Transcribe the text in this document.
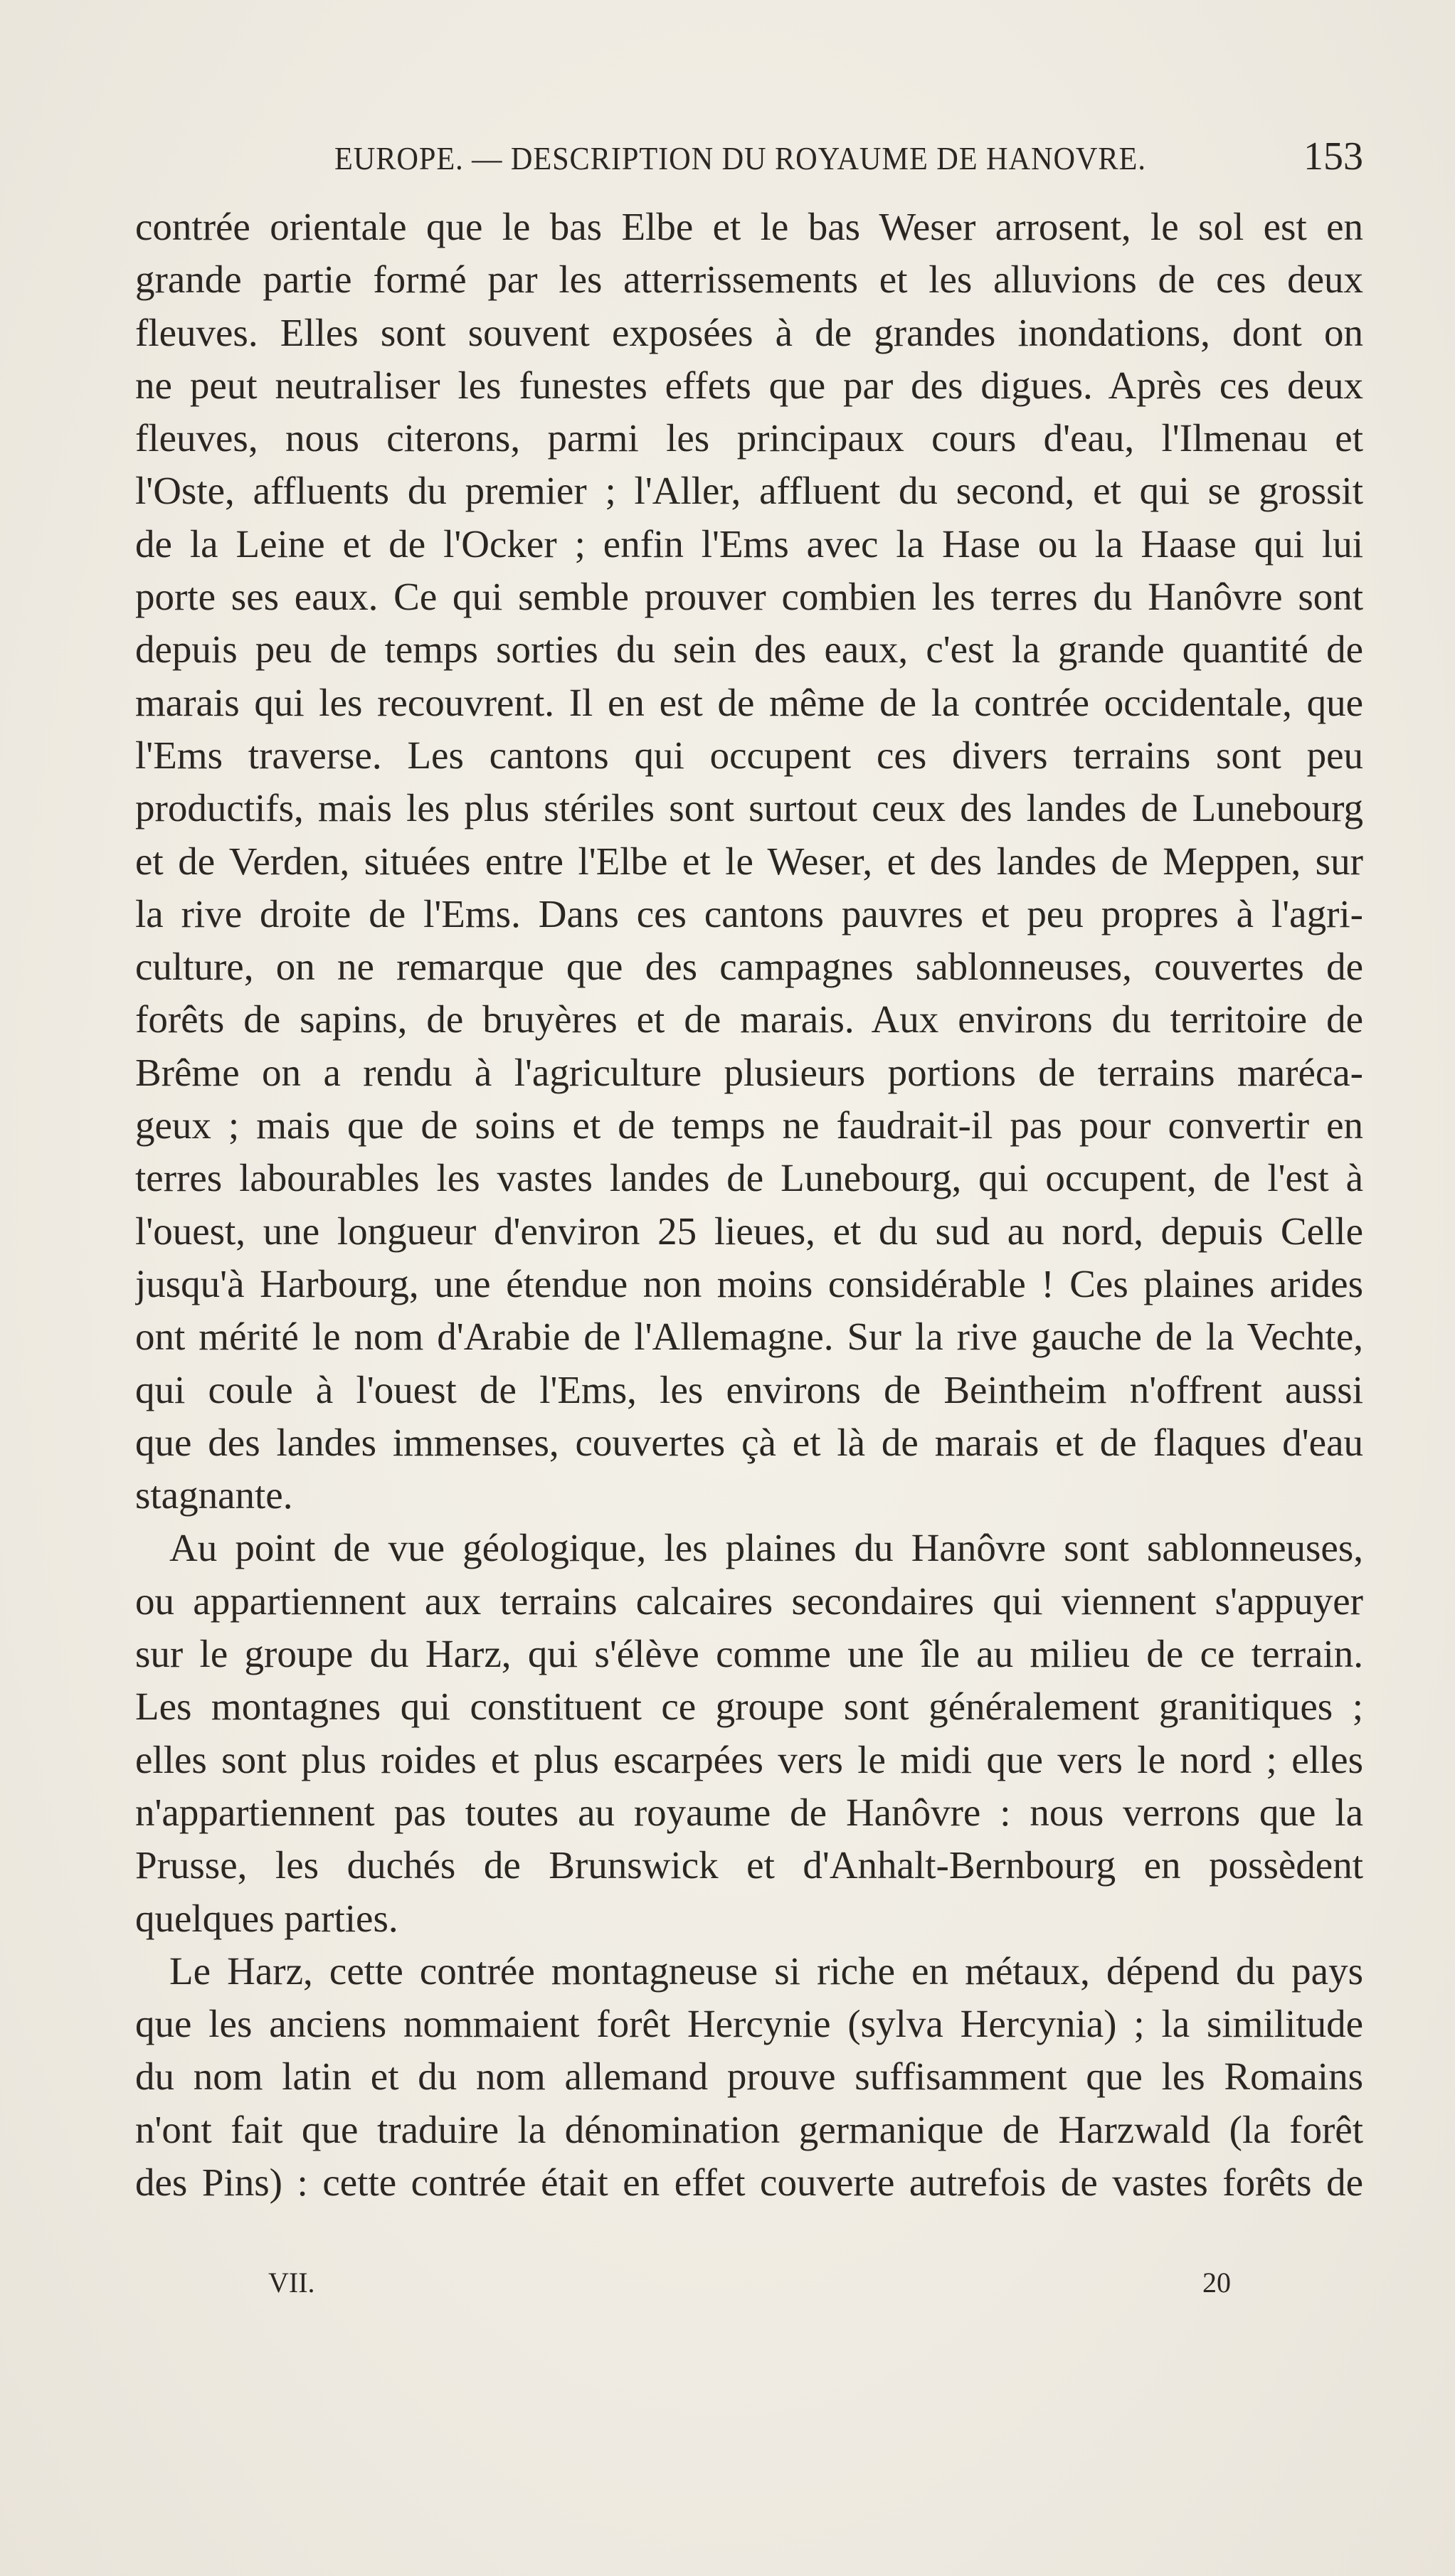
EUROPE. — DESCRIPTION DU ROYAUME DE HANOVRE.	153
contrée orientale que le bas Elbe et le bas Weser arrosent, le sol est en
grande partie formé par les atterrissements et les alluvions de ces deux
fleuves. Elles sont souvent exposées à de grandes inondations, dont on
ne peut neutraliser les funestes effets que par des digues. Après ces deux
fleuves, nous citerons, parmi les principaux cours d'eau, l'Ilmenau et
l'Oste, affluents du premier ; l'Aller, affluent du second, et qui se grossit
de la Leine et de l'Ocker ; enfin l'Ems avec la Hase ou la Haase qui lui
porte ses eaux. Ce qui semble prouver combien les terres du Hanôvre sont
depuis peu de temps sorties du sein des eaux, c'est la grande quantité de
marais qui les recouvrent. Il en est de même de la contrée occidentale, que
l'Ems traverse. Les cantons qui occupent ces divers terrains sont peu
productifs, mais les plus stériles sont surtout ceux des landes de Lunebourg
et de Verden, situées entre l'Elbe et le Weser, et des landes de Meppen, sur
la rive droite de l'Ems. Dans ces cantons pauvres et peu propres à l'agri-
culture, on ne remarque que des campagnes sablonneuses, couvertes de
forêts de sapins, de bruyères et de marais. Aux environs du territoire de
Brême on a rendu à l'agriculture plusieurs portions de terrains maréca-
geux ; mais que de soins et de temps ne faudrait-il pas pour convertir en
terres labourables les vastes landes de Lunebourg, qui occupent, de l'est à
l'ouest, une longueur d'environ 25 lieues, et du sud au nord, depuis Celle
jusqu'à Harbourg, une étendue non moins considérable ! Ces plaines arides
ont mérité le nom d'Arabie de l'Allemagne. Sur la rive gauche de la Vechte,
qui coule à l'ouest de l'Ems, les environs de Beintheim n'offrent aussi
que des landes immenses, couvertes çà et là de marais et de flaques d'eau
stagnante.
Au point de vue géologique, les plaines du Hanôvre sont sablonneuses,
ou appartiennent aux terrains calcaires secondaires qui viennent s'appuyer
sur le groupe du Harz, qui s'élève comme une île au milieu de ce terrain.
Les montagnes qui constituent ce groupe sont généralement granitiques ;
elles sont plus roides et plus escarpées vers le midi que vers le nord ; elles
n'appartiennent pas toutes au royaume de Hanôvre : nous verrons que la
Prusse, les duchés de Brunswick et d'Anhalt-Bernbourg en possèdent
quelques parties.
Le Harz, cette contrée montagneuse si riche en métaux, dépend du pays
que les anciens nommaient forêt Hercynie (sylva Hercynia) ; la similitude
du nom latin et du nom allemand prouve suffisamment que les Romains
n'ont fait que traduire la dénomination germanique de Harzwald (la forêt
des Pins) : cette contrée était en effet couverte autrefois de vastes forêts de
VII.	20
